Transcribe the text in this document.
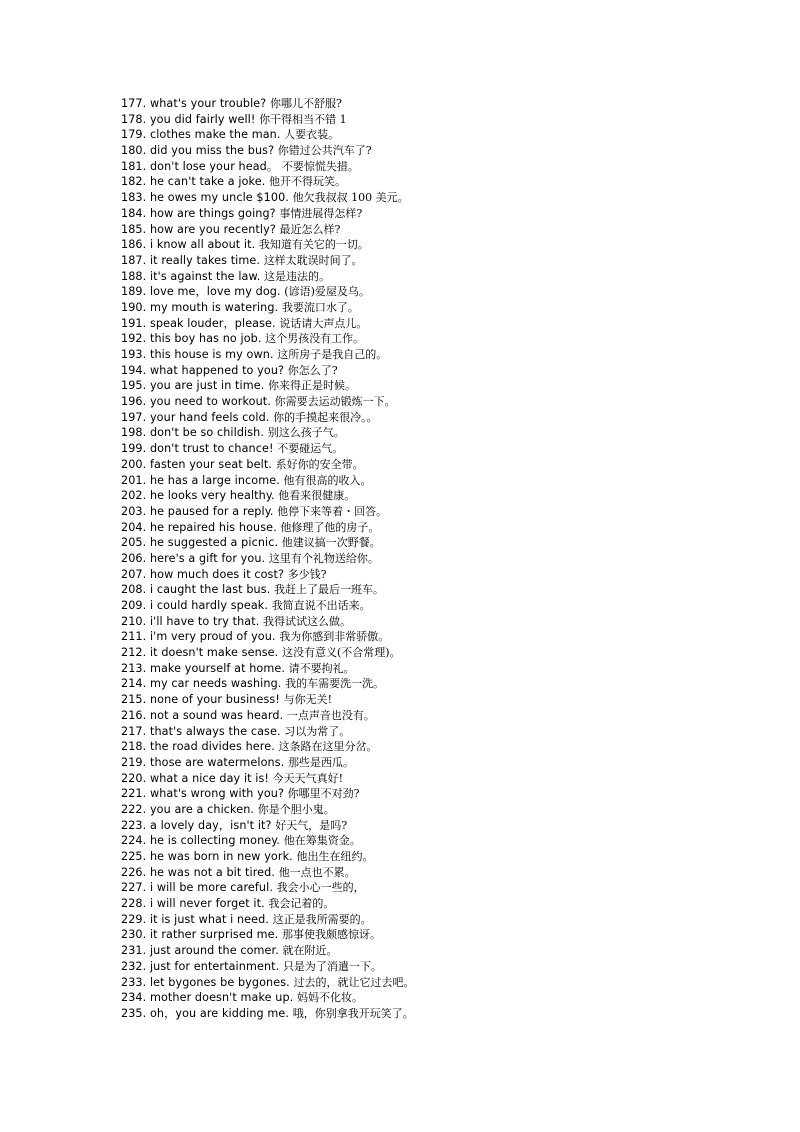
177. what's your trouble? 你哪儿不舒服?
178. you did fairly well! 你干得相当不错 1
179. clothes make the man. 人要衣装。
180. did you miss the bus? 你错过公共汽车了?
181. don't lose your head。 不要惊慌失措。
182. he can't take a joke. 他开不得玩笑。
183. he owes my uncle $100. 他欠我叔叔 100 美元。
184. how are things going? 事情进展得怎样?
185. how are you recently? 最近怎么样?
186. i know all about it. 我知道有关它的一切。
187. it really takes time. 这样太耽误时间了。
188. it's against the law. 这是违法的。
189. love me，love my dog. (谚语)爱屋及乌。
190. my mouth is watering. 我要流口水了。
191. speak louder，please. 说话请大声点儿。
192. this boy has no job. 这个男孩没有工作。
193. this house is my own. 这所房子是我自己的。
194. what happened to you? 你怎么了?
195. you are just in time. 你来得正是时候。
196. you need to workout. 你需要去运动锻炼一下。
197. your hand feels cold. 你的手摸起来很冷。。
198. don't be so childish. 别这么孩子气。
199. don't trust to chance! 不要碰运气。
200. fasten your seat belt. 系好你的安全带。
201. he has a large income. 他有很高的收入。
202. he looks very healthy. 他看来很健康。
203. he paused for a reply. 他停下来等着・回答。
204. he repaired his house. 他修理了他的房子。
205. he suggested a picnic. 他建议搞一次野餐。
206. here's a gift for you. 这里有个礼物送给你。
207. how much does it cost? 多少钱?
208. i caught the last bus. 我赶上了最后一班车。
209. i could hardly speak. 我简直说不出话来。
210. i'll have to try that. 我得试试这么做。
211. i'm very proud of you. 我为你感到非常骄傲。
212. it doesn't make sense. 这没有意义(不合常理)。
213. make yourself at home. 请不要拘礼。
214. my car needs washing. 我的车需要洗一洗。
215. none of your business! 与你无关!
216. not a sound was heard. 一点声音也没有。
217. that's always the case. 习以为常了。
218. the road divides here. 这条路在这里分岔。
219. those are watermelons. 那些是西瓜。
220. what a nice day it is! 今天天气真好!
221. what's wrong with you? 你哪里不对劲?
222. you are a chicken. 你是个胆小鬼。
223. a lovely day，isn't it? 好天气，是吗?
224. he is collecting money. 他在筹集资金。
225. he was born in new york. 他出生在纽约。
226. he was not a bit tired. 他一点也不累。
227. i will be more careful. 我会小心一些的，
228. i will never forget it. 我会记着的。
229. it is just what i need. 这正是我所需要的。
230. it rather surprised me. 那事使我颇感惊讶。
231. just around the comer. 就在附近。
232. just for entertainment. 只是为了消遣一下。
233. let bygones be bygones. 过去的，就让它过去吧。
234. mother doesn't make up. 妈妈不化妆。
235. oh，you are kidding me. 哦，你别拿我开玩笑了。
